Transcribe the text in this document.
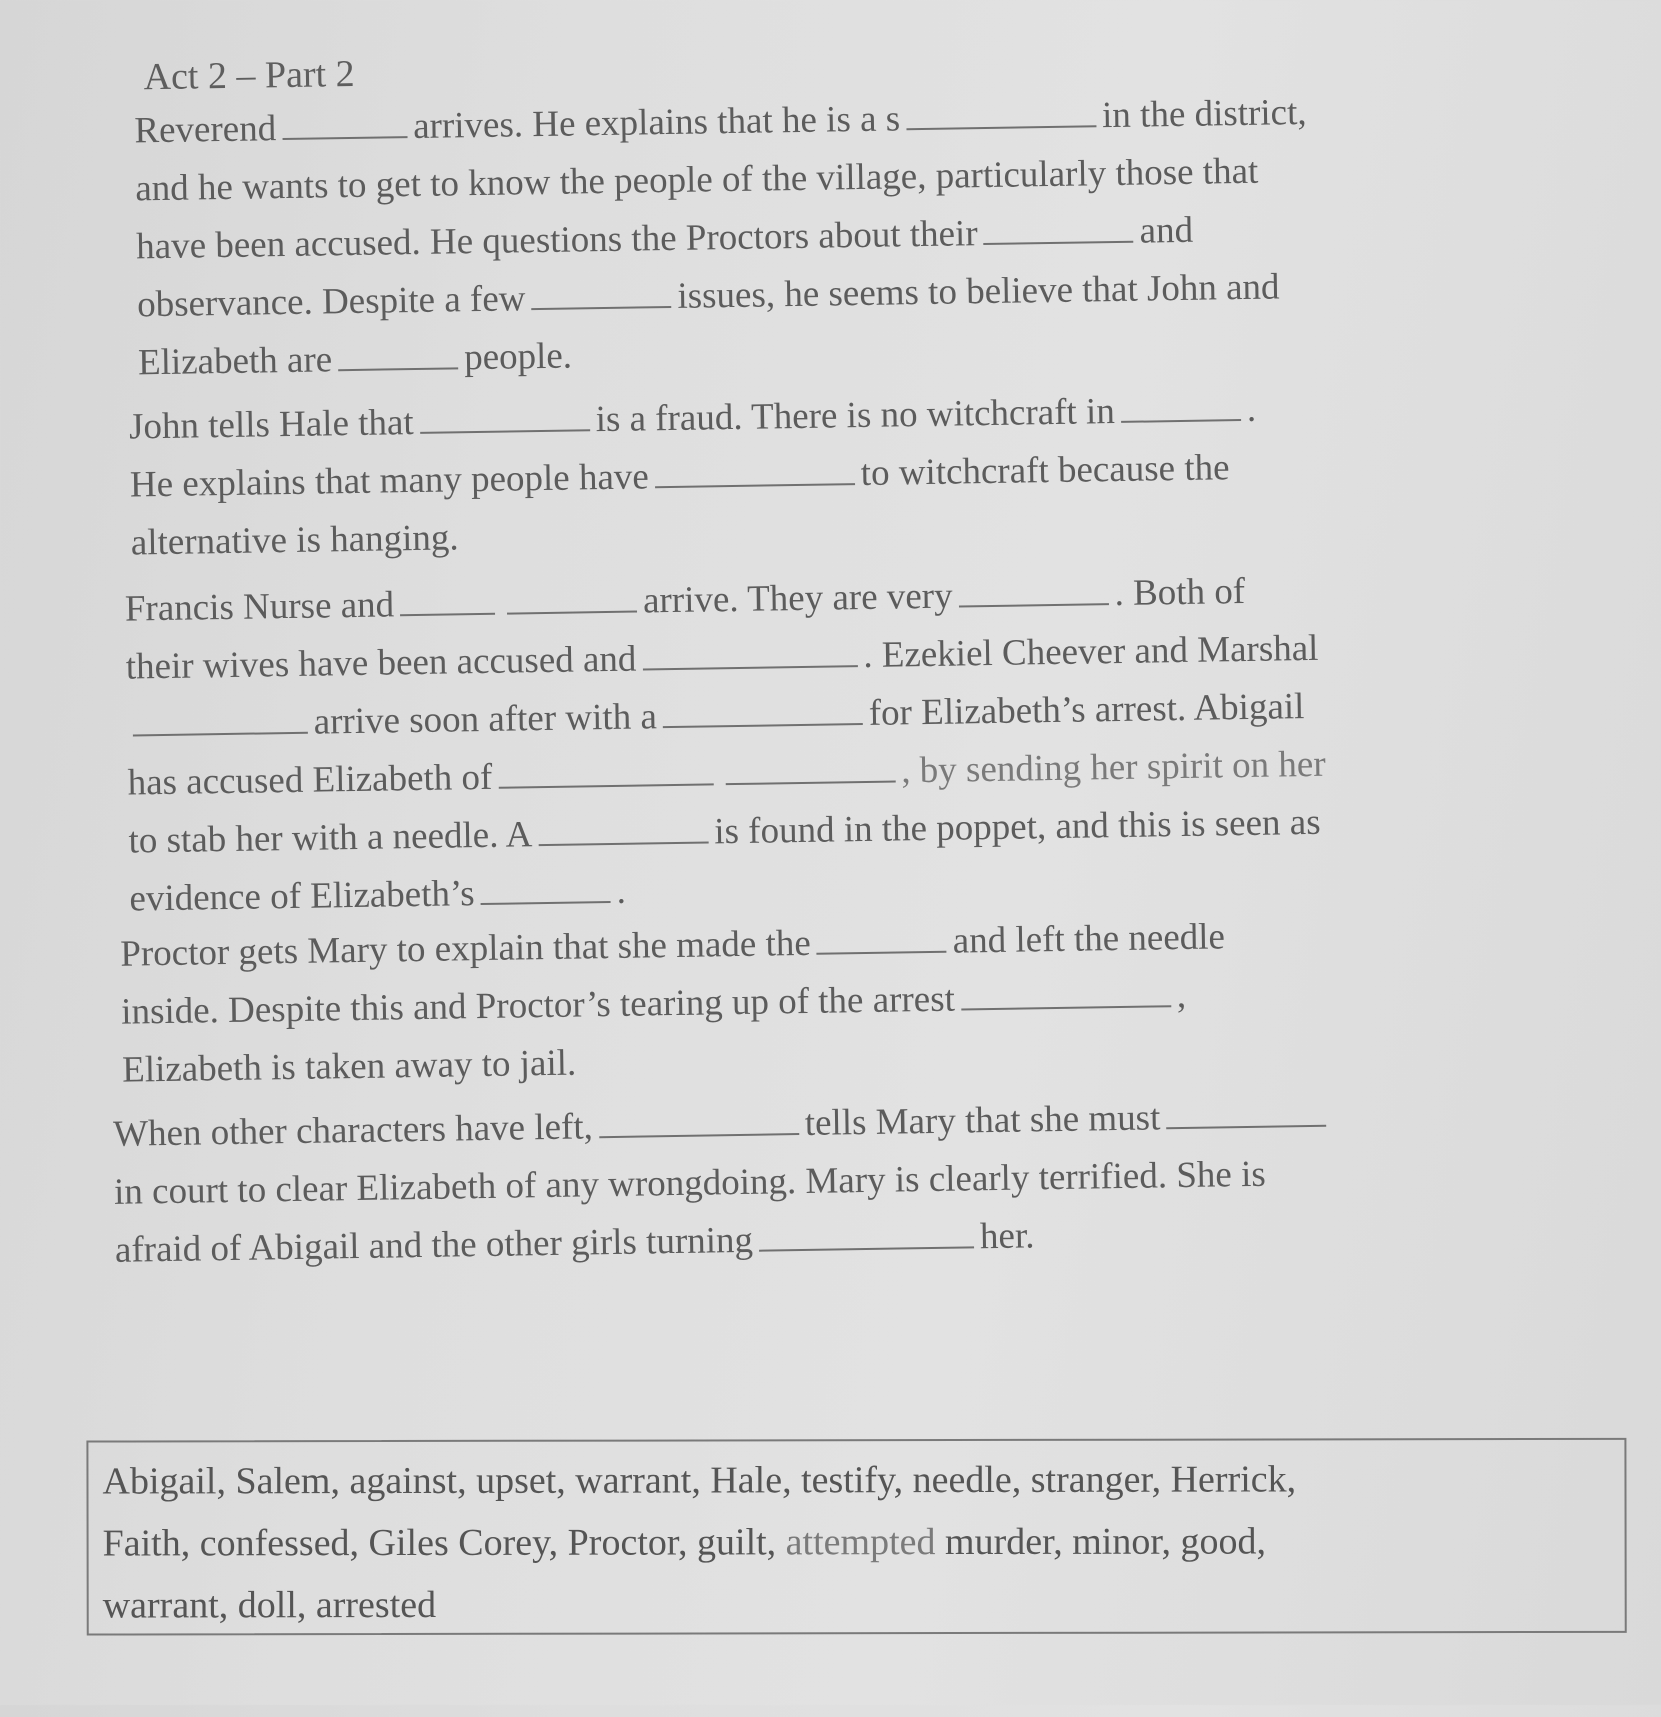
Act 2 – Part 2
Reverend	arrives. He explains that he is a s	in the district,
and he wants to get to know the people of the village, particularly those that
have been accused. He questions the Proctors about their	and
observance. Despite a few	issues, he seems to believe that John and
Elizabeth are	people.
John tells Hale that	is a fraud. There is no witchcraft in	.
He explains that many people have	to witchcraft because the
alternative is hanging.
Francis Nurse and	arrive. They are very	. Both of
their wives have been accused and	. Ezekiel Cheever and Marshal
arrive soon after with a	for Elizabeth’s arrest. Abigail
has accused Elizabeth of	, by sending her spirit on her
to stab her with a needle. A	is found in the poppet, and this is seen as
evidence of Elizabeth’s	.
Proctor gets Mary to explain that she made the	and left the needle
inside. Despite this and Proctor’s tearing up of the arrest	,
Elizabeth is taken away to jail.
When other characters have left,	tells Mary that she must
in court to clear Elizabeth of any wrongdoing. Mary is clearly terrified. She is
afraid of Abigail and the other girls turning	her.
Abigail, Salem, against, upset, warrant, Hale, testify, needle, stranger, Herrick,
Faith, confessed, Giles Corey, Proctor, guilt, attempted murder, minor, good,
warrant, doll, arrested
